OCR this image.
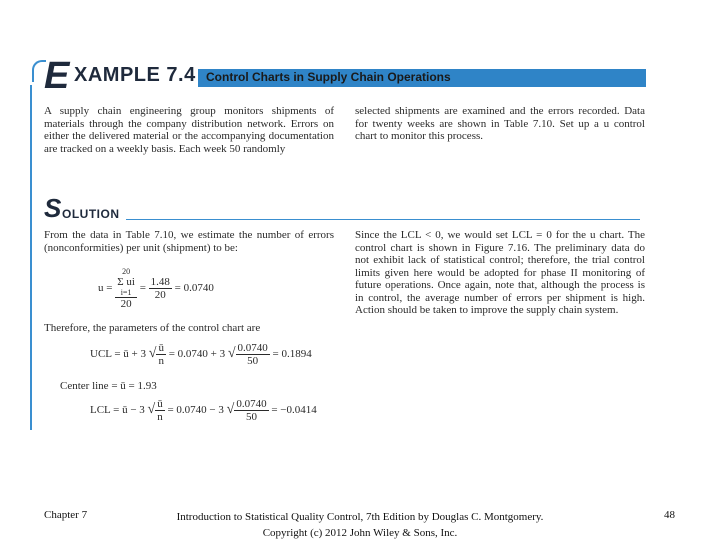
E XAMPLE 7.4 Control Charts in Supply Chain Operations
A supply chain engineering group monitors shipments of materials through the company distribution network. Errors on either the delivered material or the accompanying documentation are tracked on a weekly basis. Each week 50 randomly
selected shipments are examined and the errors recorded. Data for twenty weeks are shown in Table 7.10. Set up a u control chart to monitor this process.
S OLUTION
From the data in Table 7.10, we estimate the number of errors (nonconformities) per unit (shipment) to be:
Since the LCL < 0, we would set LCL = 0 for the u chart. The control chart is shown in Figure 7.16. The preliminary data do not exhibit lack of statistical control; therefore, the trial control limits given here would be adopted for phase II monitoring of future operations. Once again, note that, although the process is in control, the average number of errors per shipment is high. Action should be taken to improve the supply chain system.
u = 20
Σ ui
i=1
$20 = \frac{1.48}{20} = 0.0740$
Therefore, the parameters of the control chart are
UCL = ū + 3 √ $\frac{ū}{n} = 0.0740 + 3$ √ $\frac{0.0740}{50} = 0.1894$
Center line = ū = 1.93
LCL = ū − 3 √ $\frac{ū}{n} = 0.0740 - 3$ √ $\frac{0.0740}{50} = -0.0414$
Chapter 7	Introduction to Statistical Quality Control, 7th Edition by Douglas C. Montgomery.
Copyright (c) 2012 John Wiley & Sons, Inc.
48
